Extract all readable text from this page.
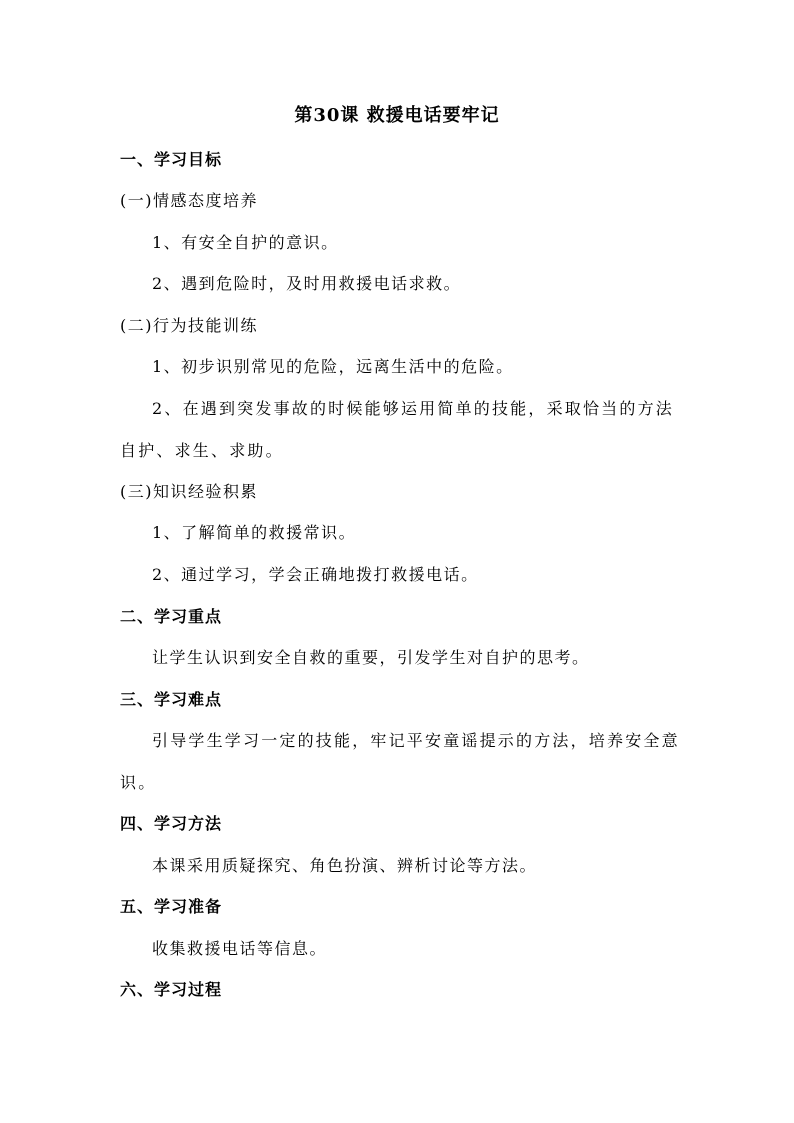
第30课 救援电话要牢记
一、学习目标
(一)情感态度培养
1、有安全自护的意识。
2、遇到危险时，及时用救援电话求救。
(二)行为技能训练
1、初步识别常见的危险，远离生活中的危险。
2、在遇到突发事故的时候能够运用简单的技能，采取恰当的方法自护、求生、求助。
(三)知识经验积累
1、了解简单的救援常识。
2、通过学习，学会正确地拨打救援电话。
二、学习重点
让学生认识到安全自救的重要，引发学生对自护的思考。
三、学习难点
引导学生学习一定的技能，牢记平安童谣提示的方法，培养安全意识。
四、学习方法
本课采用质疑探究、角色扮演、辨析讨论等方法。
五、学习准备
收集救援电话等信息。
六、学习过程
